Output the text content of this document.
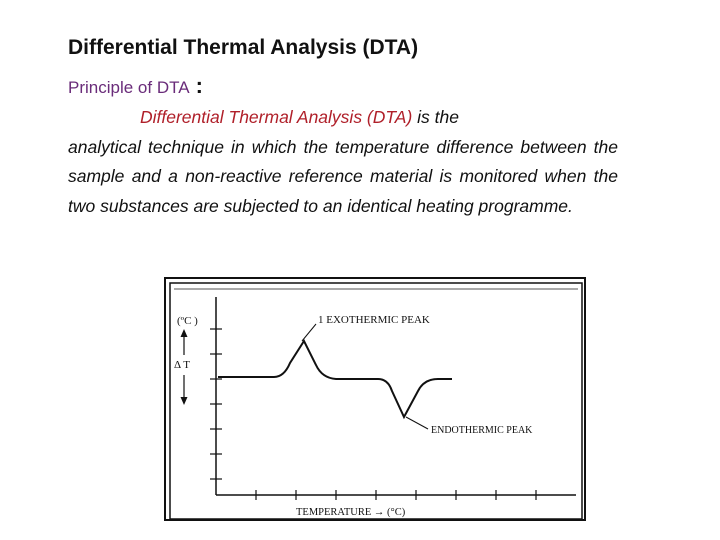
Differential Thermal Analysis (DTA)
Principle of DTA :
Differential Thermal Analysis (DTA) is the
analytical technique in which the temperature difference between the sample and a non-reactive reference material is monitored when the two substances are subjected to an identical heating programme.
(ºC )
Δ T
1 EXOTHERMIC PEAK
ENDOTHERMIC PEAK
TEMPERATURE → (°C)
